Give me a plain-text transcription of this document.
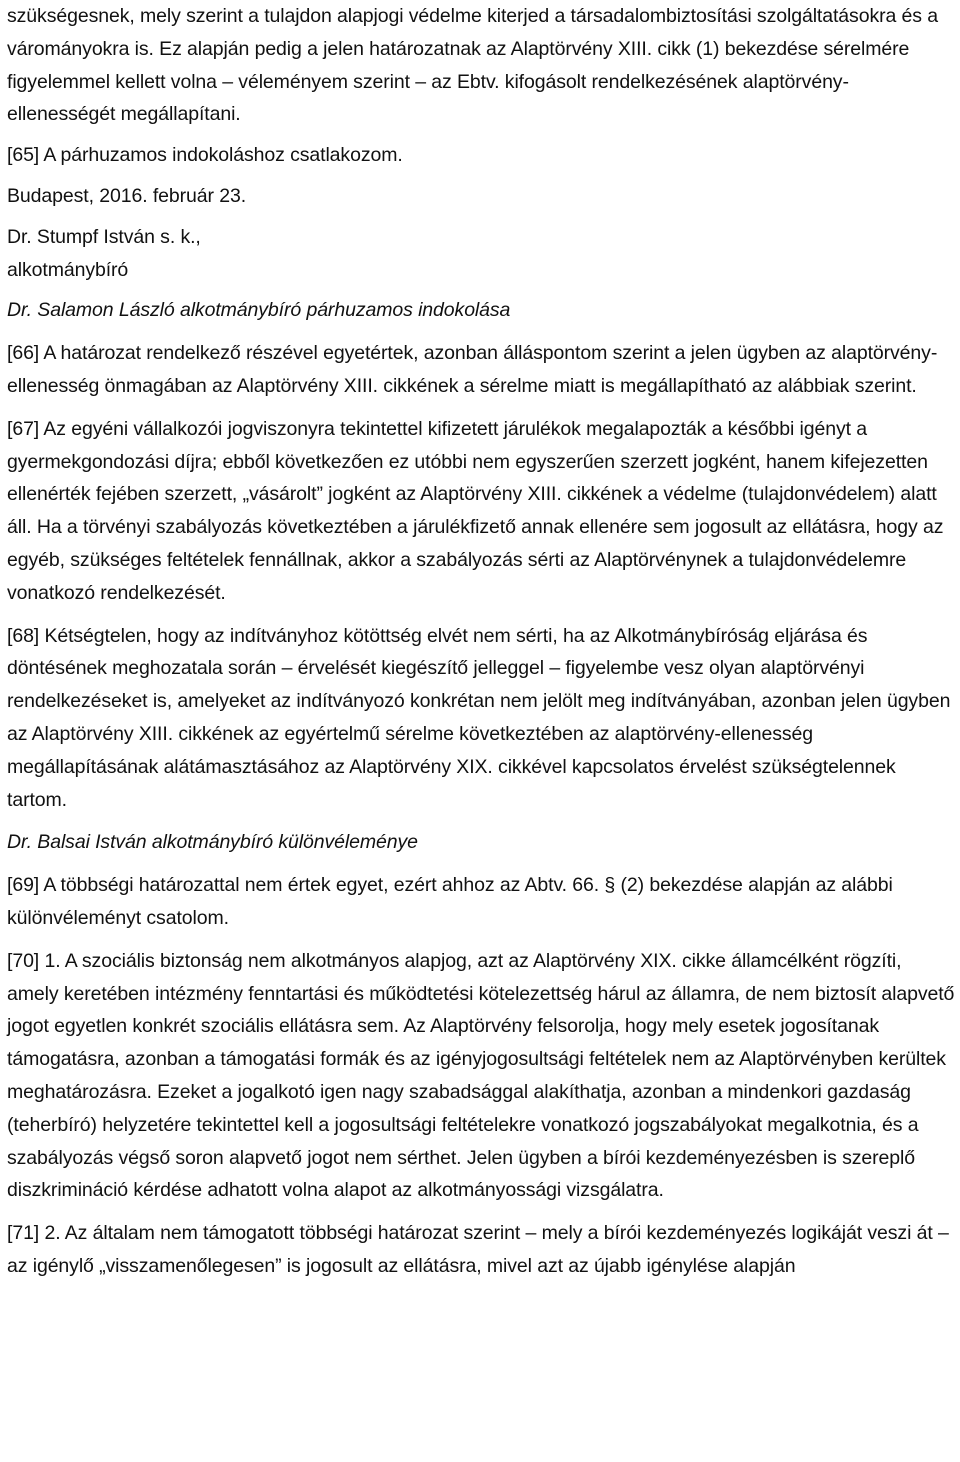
szükségesnek, mely szerint a tulajdon alapjogi védelme kiterjed a társadalombiztosítási szolgáltatásokra és a várományokra is. Ez alapján pedig a jelen határozatnak az Alaptörvény XIII. cikk (1) bekezdése sérelmére figyelemmel kellett volna – véleményem szerint – az Ebtv. kifogásolt rendelkezésének alaptörvény-ellenességét megállapítani.

[65] A párhuzamos indokoláshoz csatlakozom.

Budapest, 2016. február 23.

Dr. Stumpf István s. k.,
alkotmánybíró

Dr. Salamon László alkotmánybíró párhuzamos indokolása

[66] A határozat rendelkező részével egyetértek, azonban álláspontom szerint a jelen ügyben az alaptörvény-ellenesség önmagában az Alaptörvény XIII. cikkének a sérelme miatt is megállapítható az alábbiak szerint.

[67] Az egyéni vállalkozói jogviszonyra tekintettel kifizetett járulékok megalapozták a későbbi igényt a gyermekgondozási díjra; ebből következően ez utóbbi nem egyszerűen szerzett jogként, hanem kifejezetten ellenérték fejében szerzett, „vásárolt” jogként az Alaptörvény XIII. cikkének a védelme (tulajdonvédelem) alatt áll. Ha a törvényi szabályozás következtében a járulékfizető annak ellenére sem jogosult az ellátásra, hogy az egyéb, szükséges feltételek fennállnak, akkor a szabályozás sérti az Alaptörvénynek a tulajdonvédelemre vonatkozó rendelkezését.

[68] Kétségtelen, hogy az indítványhoz kötöttség elvét nem sérti, ha az Alkotmánybíróság eljárása és döntésének meghozatala során – érvelését kiegészítő jelleggel – figyelembe vesz olyan alaptörvényi rendelkezéseket is, amelyeket az indítványozó konkrétan nem jelölt meg indítványában, azonban jelen ügyben az Alaptörvény XIII. cikkének az egyértelmű sérelme következtében az alaptörvény-ellenesség megállapításának alátámasztásához az Alaptörvény XIX. cikkével kapcsolatos érvelést szükségtelennek tartom.

Dr. Balsai István alkotmánybíró különvéleménye

[69] A többségi határozattal nem értek egyet, ezért ahhoz az Abtv. 66. § (2) bekezdése alapján az alábbi különvéleményt csatolom.

[70] 1. A szociális biztonság nem alkotmányos alapjog, azt az Alaptörvény XIX. cikke államcélként rögzíti, amely keretében intézmény fenntartási és működtetési kötelezettség hárul az államra, de nem biztosít alapvető jogot egyetlen konkrét szociális ellátásra sem. Az Alaptörvény felsorolja, hogy mely esetek jogosítanak támogatásra, azonban a támogatási formák és az igényjogosultsági feltételek nem az Alaptörvényben kerültek meghatározásra. Ezeket a jogalkotó igen nagy szabadsággal alakíthatja, azonban a mindenkori gazdaság (teherbíró) helyzetére tekintettel kell a jogosultsági feltételekre vonatkozó jogszabályokat megalkotnia, és a szabályozás végső soron alapvető jogot nem sérthet. Jelen ügyben a bírói kezdeményezésben is szereplő diszkrimináció kérdése adhatott volna alapot az alkotmányossági vizsgálatra.

[71] 2. Az általam nem támogatott többségi határozat szerint – mely a bírói kezdeményezés logikáját veszi át – az igénylő „visszamenőlegesen” is jogosult az ellátásra, mivel azt az újabb igénylése alapján
